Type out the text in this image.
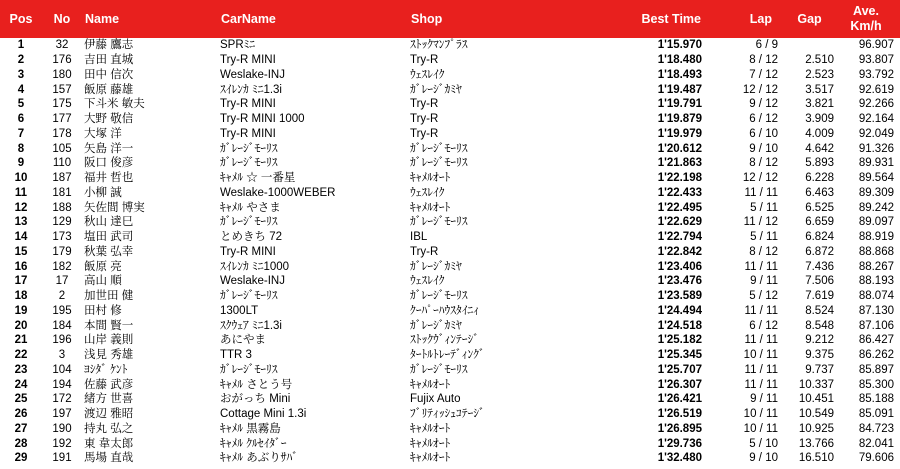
Pos	No	Name	CarName	Shop	Best Time	Lap	Gap	Ave.
Km/h

1	32	伊藤 鷹志	SPRﾐﾆ	ｽﾄｯｸﾏﾝﾌﾟﾗｽ	1'15.970	6 / 9		96.907
2	176	吉田 直城	Try-R MINI	Try-R	1'18.480	8 / 12	2.510	93.807
3	180	田中 信次	Weslake-INJ	ｳｪｽﾚｲｸ	1'18.493	7 / 12	2.523	93.792
4	157	飯原 藤雄	ｽｲﾚﾝｶ ﾐﾆ1.3i	ｶﾞﾚｰｼﾞｶﾐﾔ	1'19.487	12 / 12	3.517	92.619
5	175	下斗米 敏夫	Try-R MINI	Try-R	1'19.791	9 / 12	3.821	92.266
6	177	大野 敬信	Try-R MINI 1000	Try-R	1'19.879	6 / 12	3.909	92.164
7	178	大塚 洋	Try-R MINI	Try-R	1'19.979	6 / 10	4.009	92.049
8	105	矢島 洋一	ｶﾞﾚｰｼﾞﾓｰﾘｽ	ｶﾞﾚｰｼﾞﾓｰﾘｽ	1'20.612	9 / 10	4.642	91.326
9	110	阪口 俊彦	ｶﾞﾚｰｼﾞﾓｰﾘｽ	ｶﾞﾚｰｼﾞﾓｰﾘｽ	1'21.863	8 / 12	5.893	89.931
10	187	福井 哲也	ｷｬﾒﾙ ☆ 一番星	ｷｬﾒﾙｵｰﾄ	1'22.198	12 / 12	6.228	89.564
11	181	小柳 誠	Weslake-1000WEBER	ｳｪｽﾚｲｸ	1'22.433	11 / 11	6.463	89.309
12	188	矢佐間 博実	ｷｬﾒﾙ やさま	ｷｬﾒﾙｵｰﾄ	1'22.495	5 / 11	6.525	89.242
13	129	秋山 達巳	ｶﾞﾚｰｼﾞﾓｰﾘｽ	ｶﾞﾚｰｼﾞﾓｰﾘｽ	1'22.629	11 / 12	6.659	89.097
14	173	塩田 武司	とめきち 72	IBL	1'22.794	5 / 11	6.824	88.919
15	179	秋葉 弘幸	Try-R MINI	Try-R	1'22.842	8 / 12	6.872	88.868
16	182	飯原 亮	ｽｲﾚﾝｶ ﾐﾆ1000	ｶﾞﾚｰｼﾞｶﾐﾔ	1'23.406	11 / 11	7.436	88.267
17	17	高山 順	Weslake-INJ	ｳｪｽﾚｲｸ	1'23.476	9 / 11	7.506	88.193
18	2	加世田 健	ｶﾞﾚｰｼﾞﾓｰﾘｽ	ｶﾞﾚｰｼﾞﾓｰﾘｽ	1'23.589	5 / 12	7.619	88.074
19	195	田村 修	1300LT	ｸｰﾊﾟｰﾊｳｽﾀｲﾆｨ	1'24.494	11 / 11	8.524	87.130
20	184	本間 賢一	ｽｸｳｪｱ ﾐﾆ1.3i	ｶﾞﾚｰｼﾞｶﾐﾔ	1'24.518	6 / 12	8.548	87.106
21	196	山岸 義則	あにやま	ｽﾄｯｸｳﾞｨﾝﾃｰｼﾞ	1'25.182	11 / 11	9.212	86.427
22	3	浅見 秀雄	TTR 3	ﾀｰﾄﾙﾄﾚｰﾃﾞｨﾝｸﾞ	1'25.345	10 / 11	9.375	86.262
23	104	ﾖｼﾀﾞ ｹﾝﾄ	ｶﾞﾚｰｼﾞﾓｰﾘｽ	ｶﾞﾚｰｼﾞﾓｰﾘｽ	1'25.707	11 / 11	9.737	85.897
24	194	佐藤 武彦	ｷｬﾒﾙ さとう号	ｷｬﾒﾙｵｰﾄ	1'26.307	11 / 11	10.337	85.300
25	172	緒方 世喜	おがっち Mini	Fujix Auto	1'26.421	9 / 11	10.451	85.188
26	197	渡辺 雅昭	Cottage Mini 1.3i	ﾌﾞﾘﾃｨｯｼｭｺﾃｰｼﾞ	1'26.519	10 / 11	10.549	85.091
27	190	持丸 弘之	ｷｬﾒﾙ 黒霧島	ｷｬﾒﾙｵｰﾄ	1'26.895	10 / 11	10.925	84.723
28	192	東 韋太郎	ｷｬﾒﾙ ｸﾙｾｲﾀﾞｰ	ｷｬﾒﾙｵｰﾄ	1'29.736	5 / 10	13.766	82.041
29	191	馬場 直哉	ｷｬﾒﾙ あぶりｻﾊﾞ	ｷｬﾒﾙｵｰﾄ	1'32.480	9 / 10	16.510	79.606
